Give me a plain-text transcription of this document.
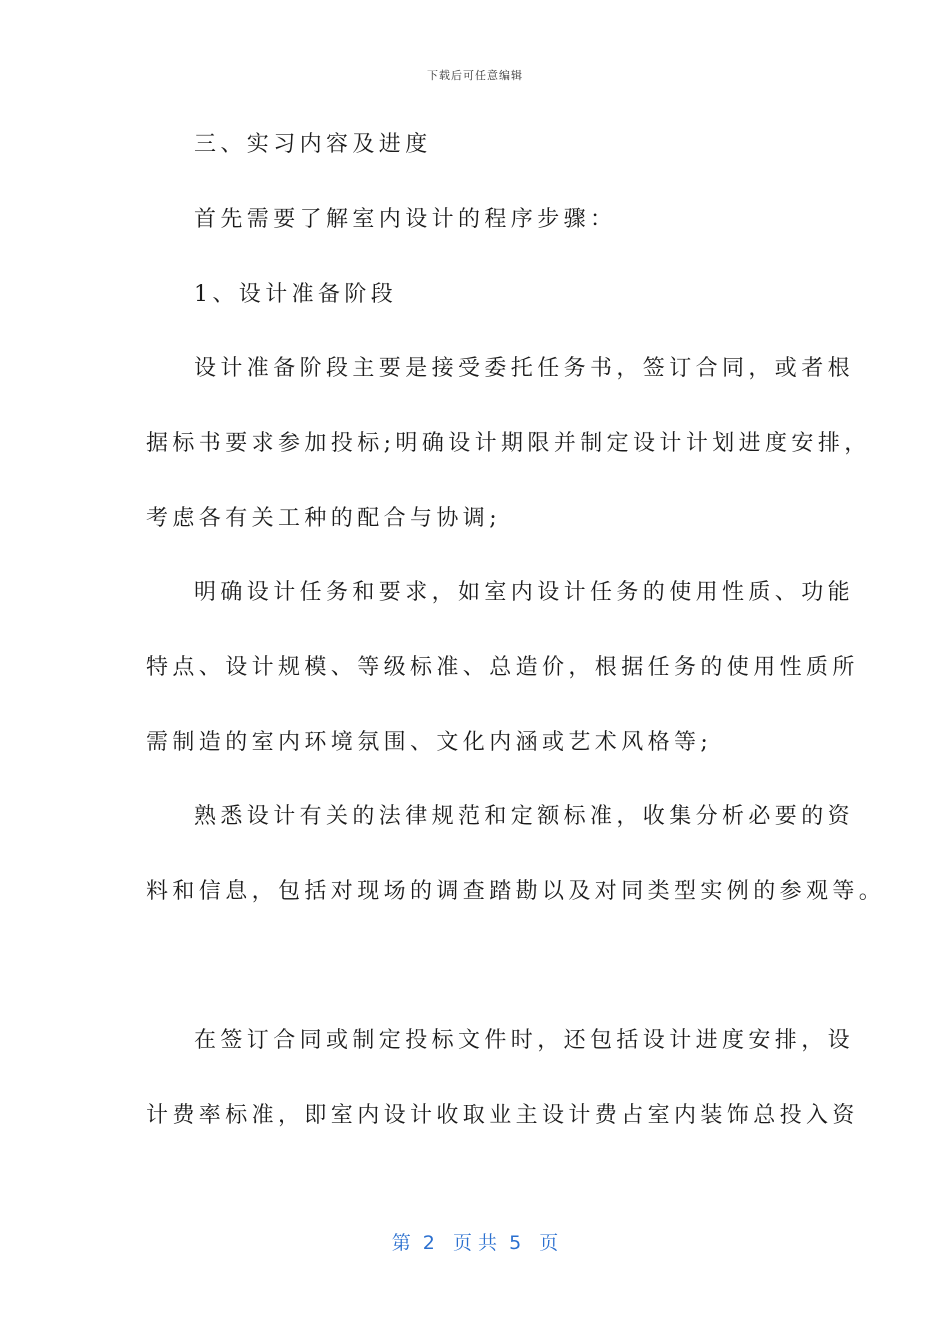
下载后可任意编辑
三、实习内容及进度
首先需要了解室内设计的程序步骤：
1、设计准备阶段
设计准备阶段主要是接受委托任务书，签订合同，或者根
据标书要求参加投标;明确设计期限并制定设计计划进度安排，
考虑各有关工种的配合与协调;
明确设计任务和要求，如室内设计任务的使用性质、功能
特点、设计规模、等级标准、总造价，根据任务的使用性质所
需制造的室内环境氛围、文化内涵或艺术风格等;
熟悉设计有关的法律规范和定额标准，收集分析必要的资
料和信息，包括对现场的调查踏勘以及对同类型实例的参观等。
在签订合同或制定投标文件时，还包括设计进度安排，设
计费率标准，即室内设计收取业主设计费占室内装饰总投入资
第  2   页 共  5   页
